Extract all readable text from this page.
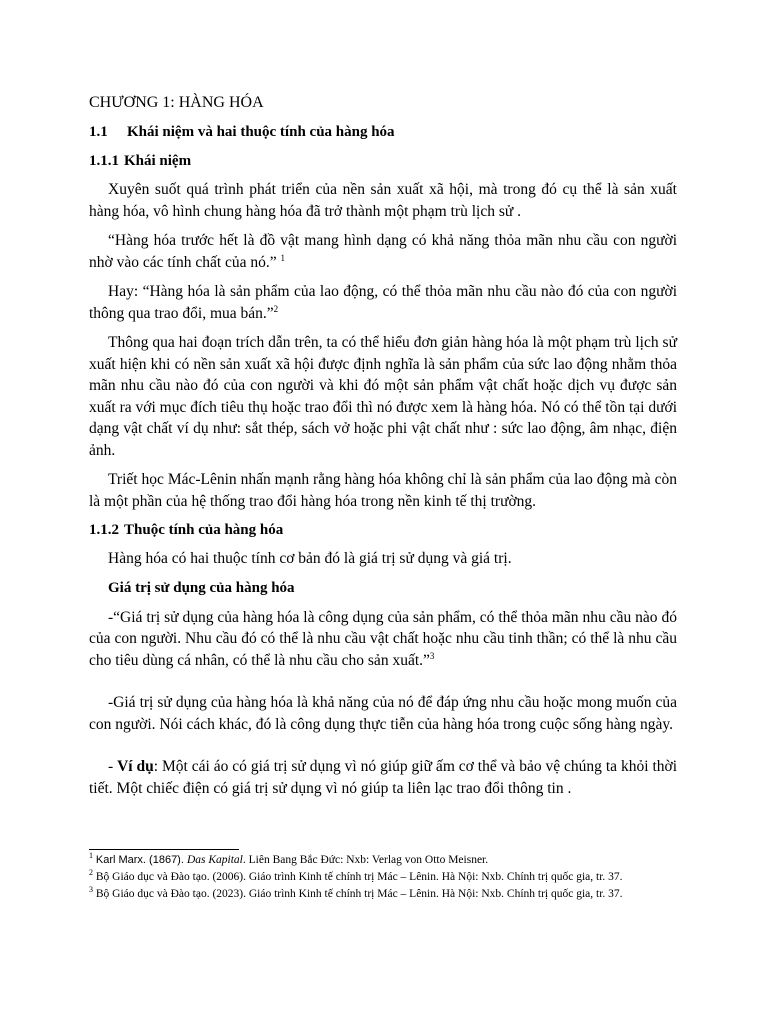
CHƯƠNG 1: HÀNG HÓA
1.1 Khái niệm và hai thuộc tính của hàng hóa
1.1.1 Khái niệm

Xuyên suốt quá trình phát triển của nền sản xuất xã hội, mà trong đó cụ thể là sản xuất hàng hóa, vô hình chung hàng hóa đã trở thành một phạm trù lịch sử .

“Hàng hóa trước hết là đồ vật mang hình dạng có khả năng thỏa mãn nhu cầu con người nhờ vào các tính chất của nó.” $^1$

Hay: “Hàng hóa là sản phẩm của lao động, có thể thỏa mãn nhu cầu nào đó của con người thông qua trao đổi, mua bán.”$^2$

Thông qua hai đoạn trích dẫn trên, ta có thể hiểu đơn giản hàng hóa là một phạm trù lịch sử xuất hiện khi có nền sản xuất xã hội được định nghĩa là sản phẩm của sức lao động nhằm thỏa mãn nhu cầu nào đó của con người và khi đó một sản phẩm vật chất hoặc dịch vụ được sản xuất ra với mục đích tiêu thụ hoặc trao đổi thì nó được xem là hàng hóa. Nó có thể tồn tại dưới dạng vật chất ví dụ như: sắt thép, sách vở hoặc phi vật chất như : sức lao động, âm nhạc, điện ảnh.

Triết học Mác-Lênin nhấn mạnh rằng hàng hóa không chỉ là sản phẩm của lao động mà còn là một phần của hệ thống trao đổi hàng hóa trong nền kinh tế thị trường.

1.1.2 Thuộc tính của hàng hóa

Hàng hóa có hai thuộc tính cơ bản đó là giá trị sử dụng và giá trị.

Giá trị sử dụng của hàng hóa

-“Giá trị sử dụng của hàng hóa là công dụng của sản phẩm, có thể thỏa mãn nhu cầu nào đó của con người. Nhu cầu đó có thể là nhu cầu vật chất hoặc nhu cầu tinh thần; có thể là nhu cầu cho tiêu dùng cá nhân, có thể là nhu cầu cho sản xuất.”$^3$

-Giá trị sử dụng của hàng hóa là khả năng của nó để đáp ứng nhu cầu hoặc mong muốn của con người. Nói cách khác, đó là công dụng thực tiễn của hàng hóa trong cuộc sống hàng ngày.

- Ví dụ: Một cái áo có giá trị sử dụng vì nó giúp giữ ấm cơ thể và bảo vệ chúng ta khỏi thời tiết. Một chiếc điện có giá trị sử dụng vì nó giúp ta liên lạc trao đổi thông tin .

$^1$ Karl Marx. (1867). Das Kapital. Liên Bang Bắc Đức: Nxb: Verlag von Otto Meisner.
$^2$ Bộ Giáo dục và Đào tạo. (2006). Giáo trình Kinh tế chính trị Mác – Lênin. Hà Nội: Nxb. Chính trị quốc gia, tr. 37.
$^3$ Bộ Giáo dục và Đào tạo. (2023). Giáo trình Kinh tế chính trị Mác – Lênin. Hà Nội: Nxb. Chính trị quốc gia, tr. 37.
